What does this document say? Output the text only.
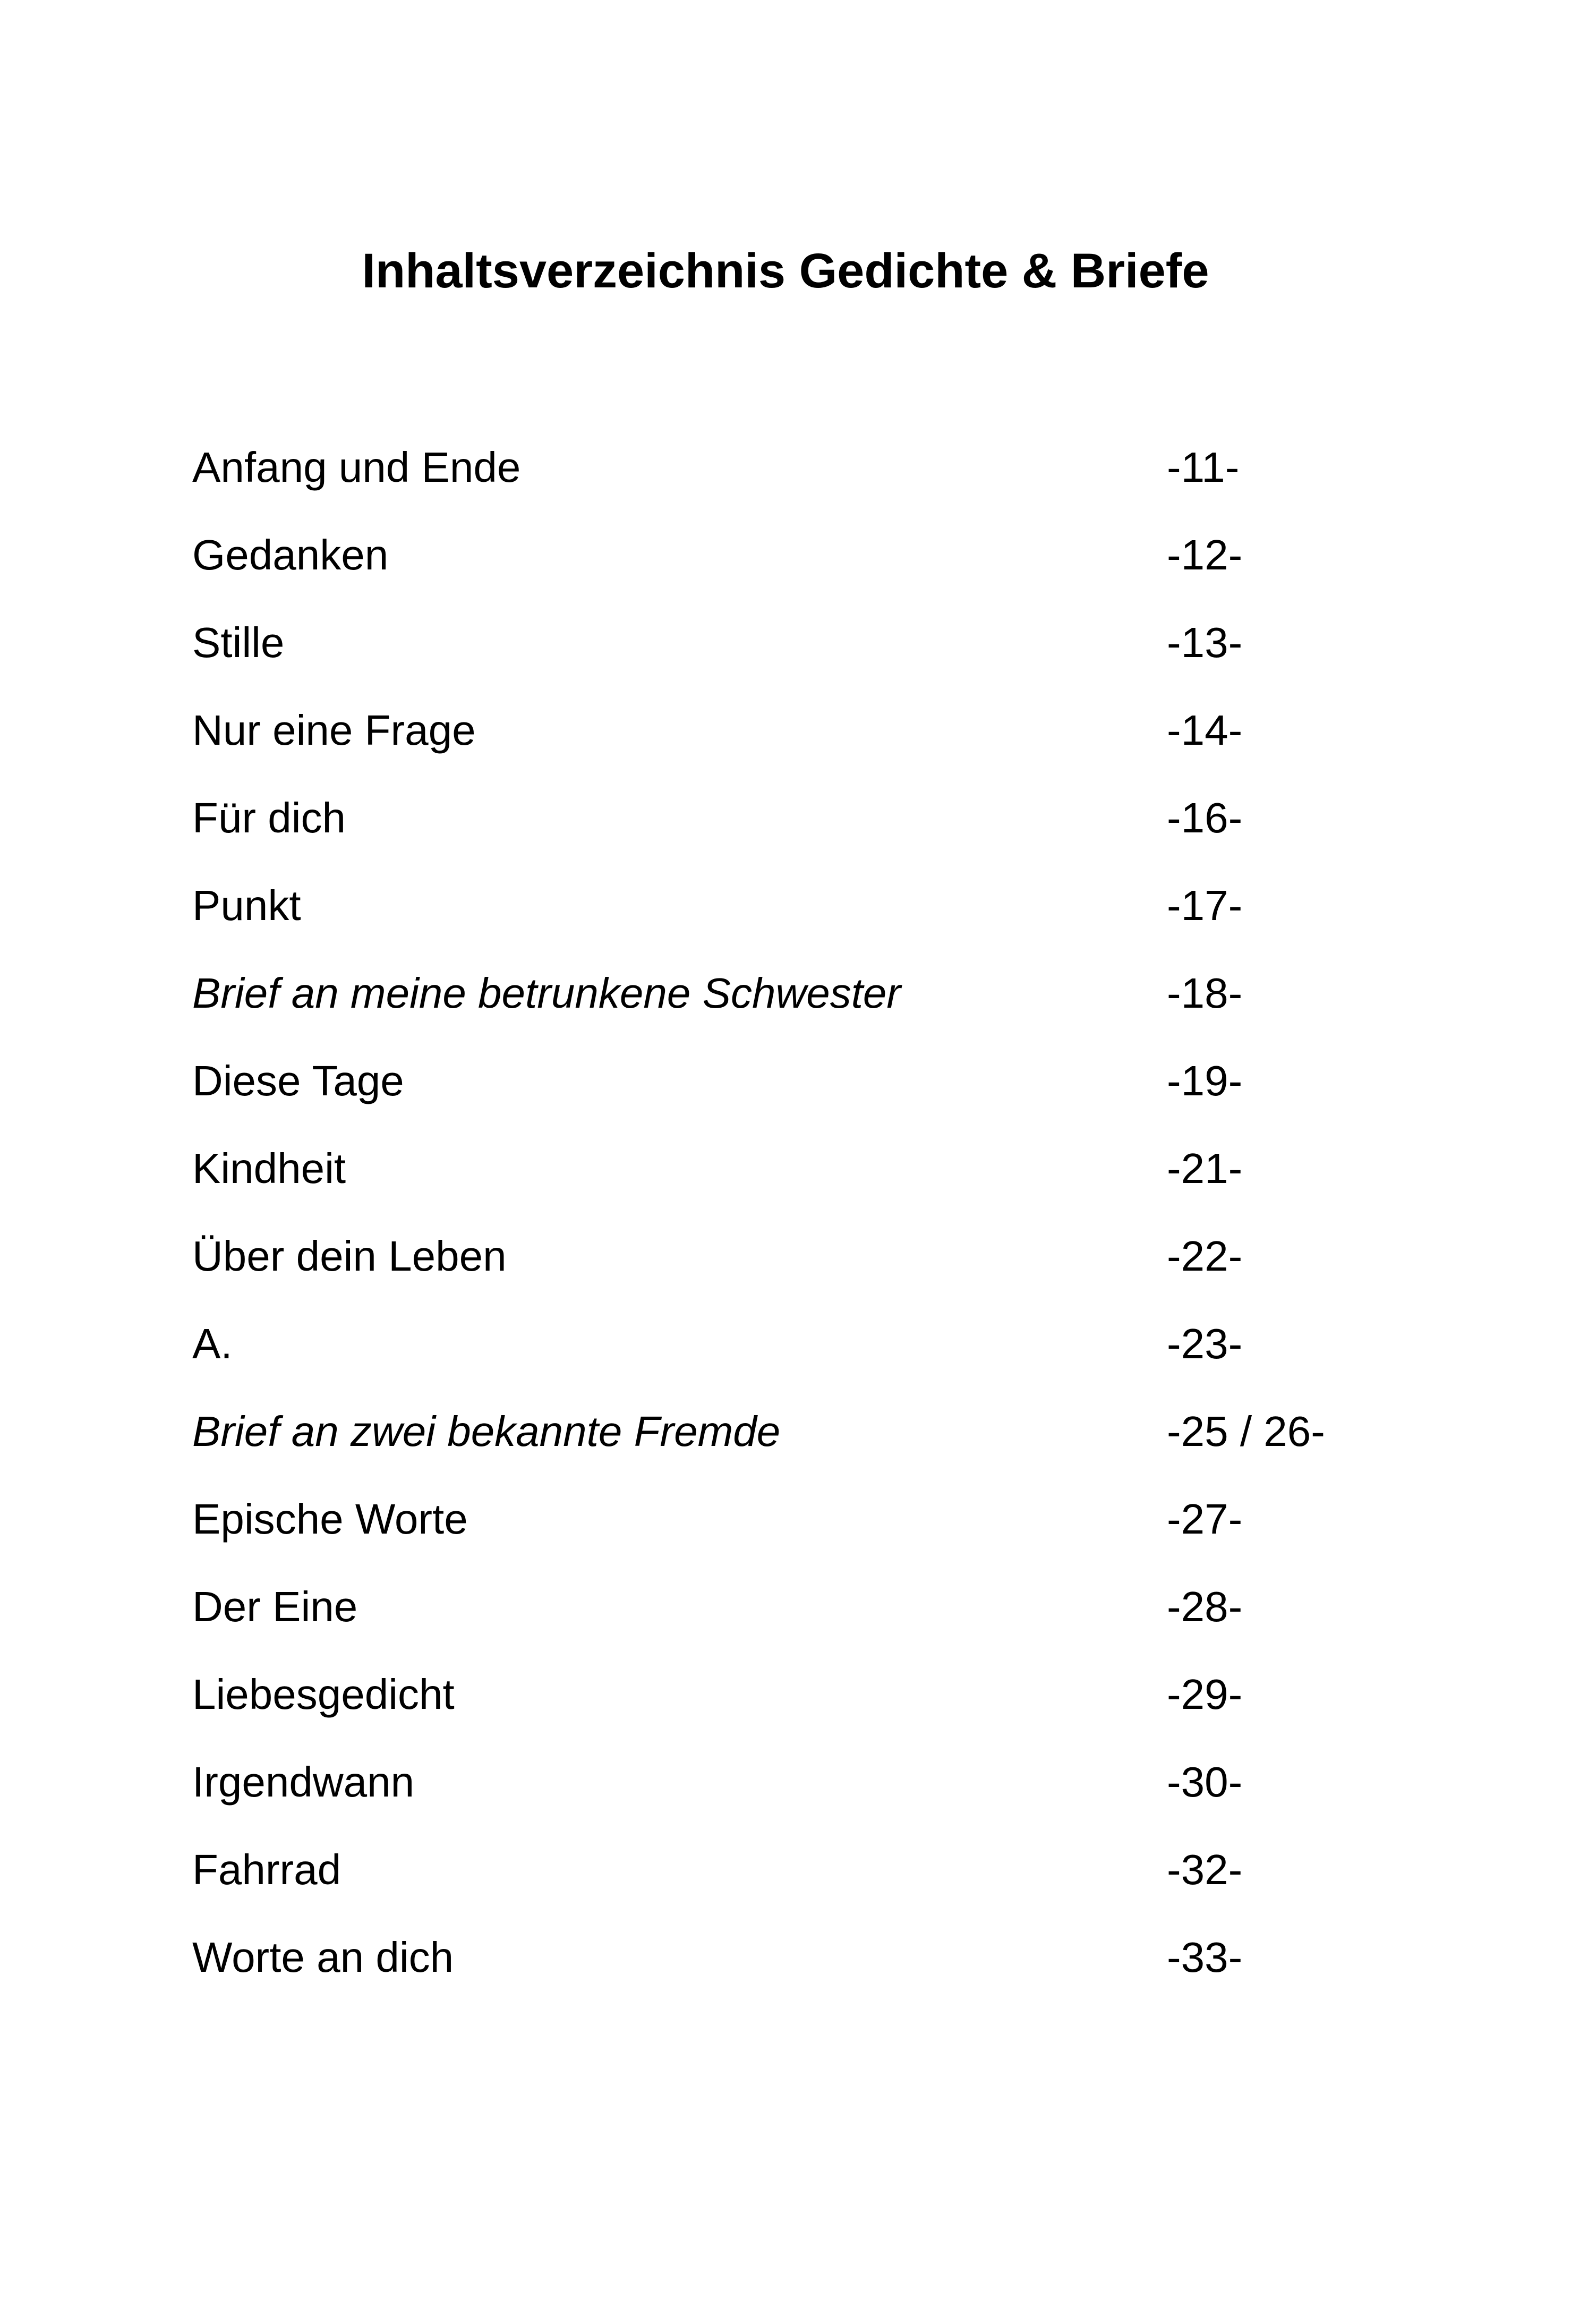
Inhaltsverzeichnis Gedichte & Briefe
Anfang und Ende	-11-
Gedanken	-12-
Stille	-13-
Nur eine Frage	-14-
Für dich	-16-
Punkt	-17-
Brief an meine betrunkene Schwester	-18-
Diese Tage	-19-
Kindheit	-21-
Über dein Leben	-22-
A.	-23-
Brief an zwei bekannte Fremde	-25 / 26-
Epische Worte	-27-
Der Eine	-28-
Liebesgedicht	-29-
Irgendwann	-30-
Fahrrad	-32-
Worte an dich	-33-
